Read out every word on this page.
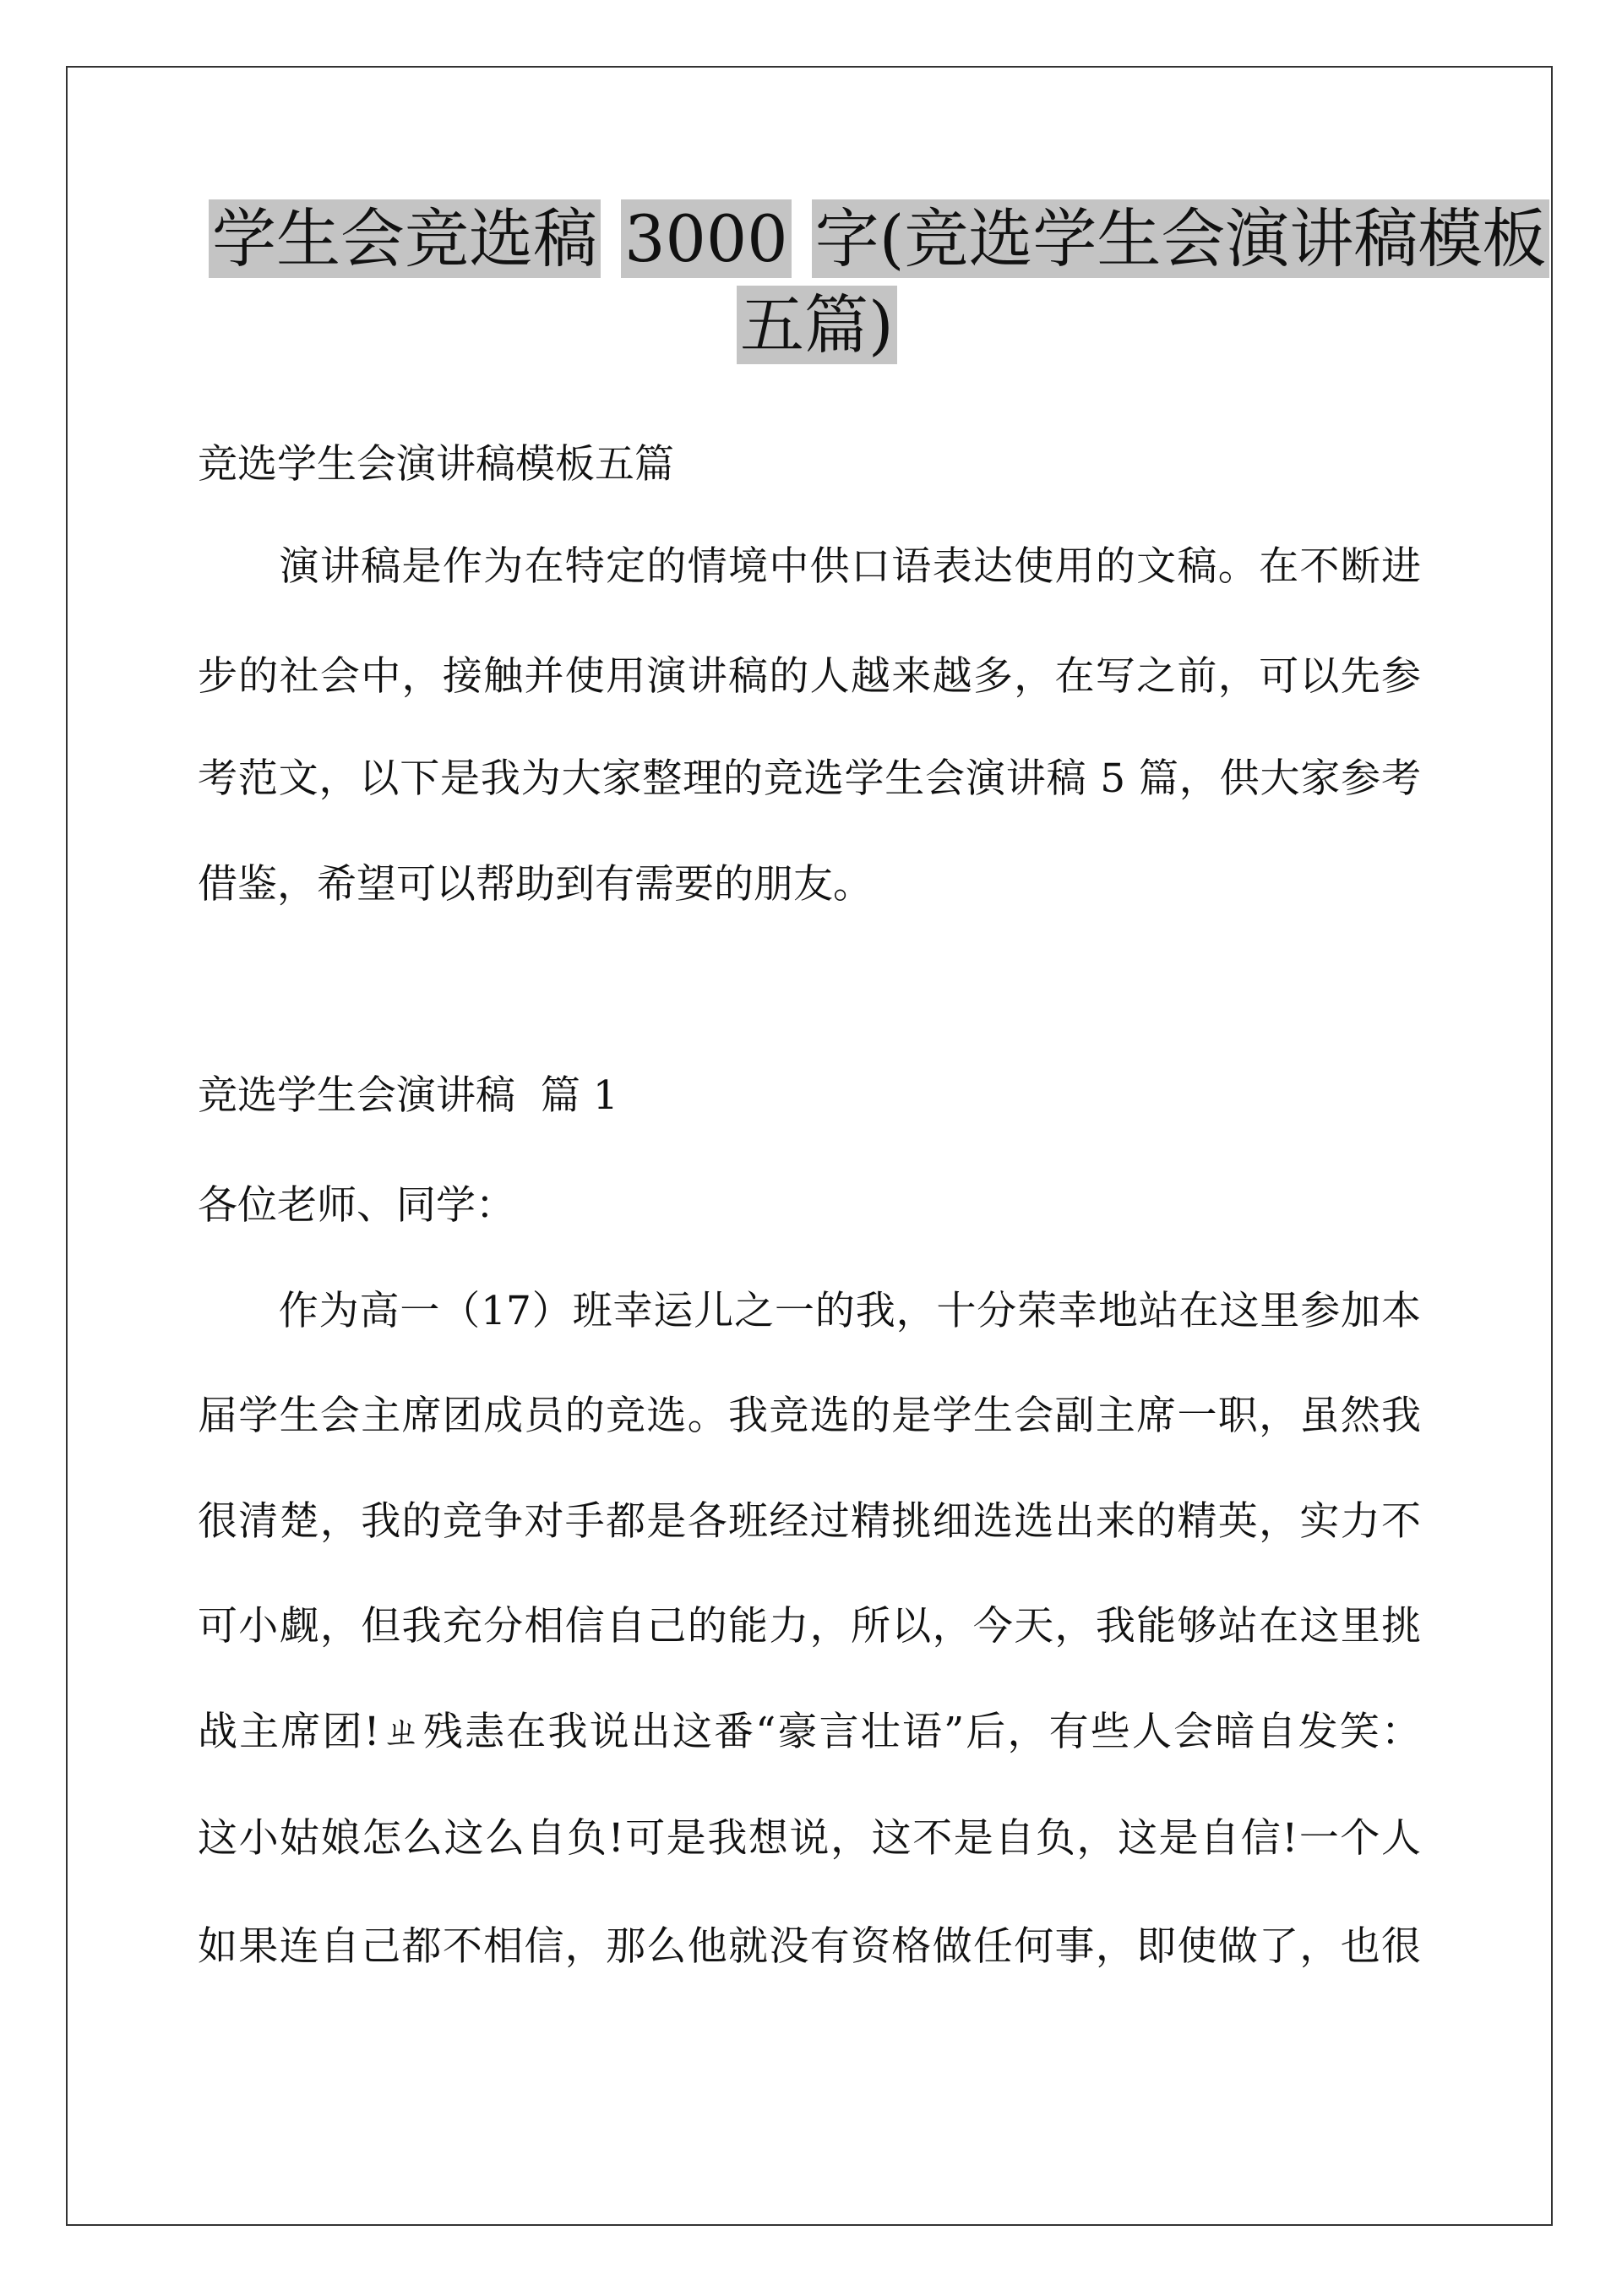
学生会竞选稿 3000 字(竞选学生会演讲稿模板
五篇)
竞选学生会演讲稿模板五篇
　　演讲稿是作为在特定的情境中供口语表达使用的文稿。在不断进
步的社会中，接触并使用演讲稿的人越来越多，在写之前，可以先参
考范文，以下是我为大家整理的竞选学生会演讲稿 5 篇，供大家参考
借鉴，希望可以帮助到有需要的朋友。
竞选学生会演讲稿  篇 1
各位老师、同学：
　　作为高一（17）班幸运儿之一的我，十分荣幸地站在这里参加本
届学生会主席团成员的竞选。我竞选的是学生会副主席一职，虽然我
很清楚，我的竞争对手都是各班经过精挑细选选出来的精英，实力不
可小觑，但我充分相信自己的能力，所以，今天，我能够站在这里挑
战主席团!ㄓ残恚在我说出这番“豪言壮语”后，有些人会暗自发笑：
这小姑娘怎么这么自负!可是我想说，这不是自负，这是自信!一个人
如果连自己都不相信，那么他就没有资格做任何事，即使做了，也很
